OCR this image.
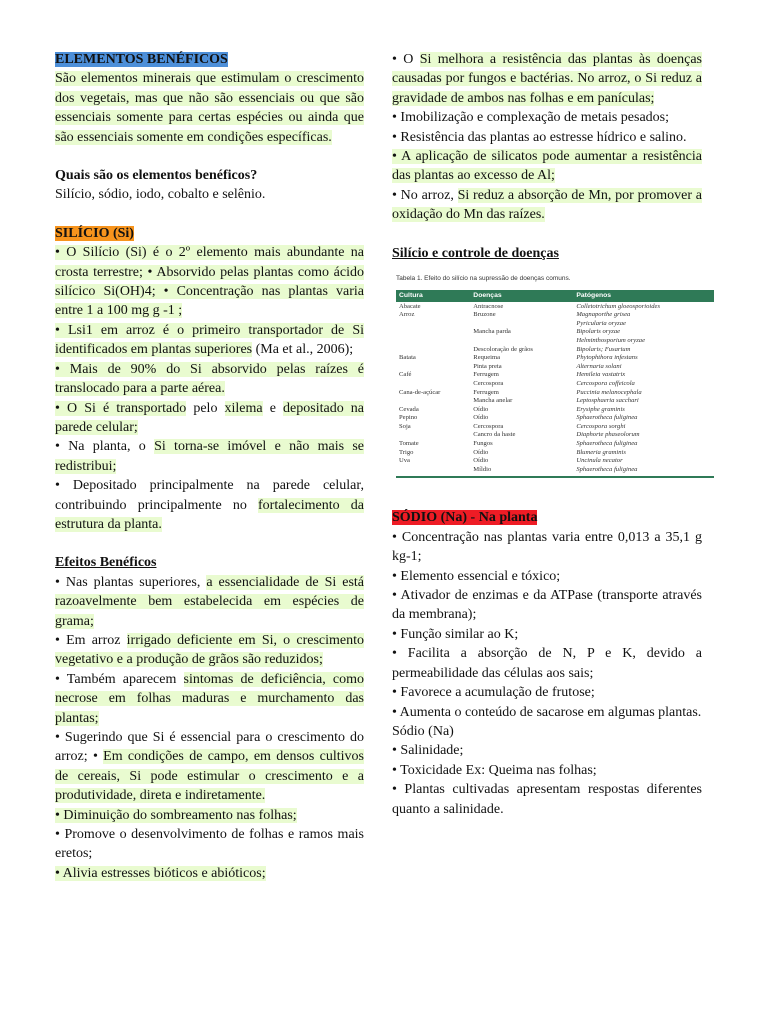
ELEMENTOS BENÉFICOS

São elementos minerais que estimulam o crescimento dos vegetais, mas que não são essenciais ou que são essenciais somente para certas espécies ou ainda que são essenciais somente em condições específicas.

Quais são os elementos benéficos?

Silício, sódio, iodo, cobalto e selênio.

SILÍCIO (Si)

• O Silício (Si) é o 2º elemento mais abundante na crosta terrestre; • Absorvido pelas plantas como ácido silícico Si(OH)4; • Concentração nas plantas varia entre 1 a 100 mg g -1 ;

• Lsi1 em arroz é o primeiro transportador de Si identificados em plantas superiores (Ma et al., 2006);

• Mais de 90% do Si absorvido pelas raízes é translocado para a parte aérea.

• O Si é transportado pelo xilema e depositado na parede celular;

• Na planta, o Si torna-se imóvel e não mais se redistribui;

• Depositado principalmente na parede celular, contribuindo principalmente no fortalecimento da estrutura da planta.

Efeitos Benéficos

• Nas plantas superiores, a essencialidade de Si está razoavelmente bem estabelecida em espécies de grama;

• Em arroz irrigado deficiente em Si, o crescimento vegetativo e a produção de grãos são reduzidos;

• Também aparecem sintomas de deficiência, como necrose em folhas maduras e murchamento das plantas;

• Sugerindo que Si é essencial para o crescimento do arroz; • Em condições de campo, em densos cultivos de cereais, Si pode estimular o crescimento e a produtividade, direta e indiretamente.

• Diminuição do sombreamento nas folhas;

• Promove o desenvolvimento de folhas e ramos mais eretos;

• Alivia estresses bióticos e abióticos;

• O Si melhora a resistência das plantas às doenças causadas por fungos e bactérias. No arroz, o Si reduz a gravidade de ambos nas folhas e em panículas;

• Imobilização e complexação de metais pesados;

• Resistência das plantas ao estresse hídrico e salino.

• A aplicação de silicatos pode aumentar a resistência das plantas ao excesso de Al;

• No arroz, Si reduz a absorção de Mn, por promover a oxidação do Mn das raízes.

Silício e controle de doenças

Tabela 1. Efeito do silício na supressão de doenças comuns.
Cultura	Doenças	Patógenos
Abacate	Antracnose	Colletotrichum gloeosporioides
Arroz	Bruzone	Magnaporthe grisea
		Pyricularia oryzae
	Mancha parda	Bipolaris oryzae
		Helminthosporium oryzae
	Descoloração de grãos	Bipolaris; Fusarium
Batata	Requeima	Phytophthora infestans
	Pinta preta	Alternaria solani
Café	Ferrugem	Hemileia vastatrix
	Cercospora	Cercospora coffeicola
Cana-de-açúcar	Ferrugem	Puccinia melanocephala
	Mancha anelar	Leptosphaeria sacchari
Cevada	Oídio	Erysiphe graminis
Pepino	Oídio	Sphaerotheca fuliginea
Soja	Cercospora	Cercospora sorghi
	Cancro da haste	Diaphorte phaseolorum
Tomate	Fungos	Sphaerotheca fuliginea
Trigo	Oídio	Blumeria graminis
Uva	Oídio	Uncinula necator
	Míldio	Sphaerotheca fuliginea

SÓDIO (Na) - Na planta

• Concentração nas plantas varia entre 0,013 a 35,1 g kg-1;

• Elemento essencial e tóxico;

• Ativador de enzimas e da ATPase (transporte através da membrana);

• Função similar ao K;

• Facilita a absorção de N, P e K, devido a permeabilidade das células aos sais;

• Favorece a acumulação de frutose;

• Aumenta o conteúdo de sacarose em algumas plantas.

Sódio (Na)

• Salinidade;

• Toxicidade Ex: Queima nas folhas;

• Plantas cultivadas apresentam respostas diferentes quanto a salinidade.
